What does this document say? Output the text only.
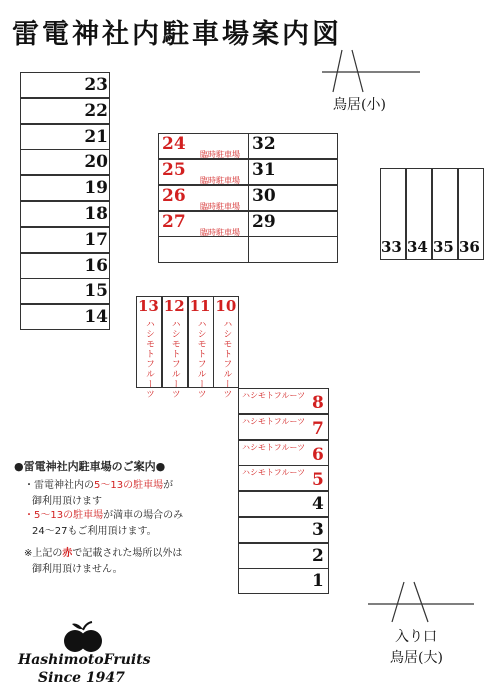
雷電神社内駐車場案内図
鳥居(小)
入り口
鳥居(大)
23
22
21
20
19
18
17
16
15
14
24
臨時駐車場
25
臨時駐車場
26
臨時駐車場
27
臨時駐車場
32
31
30
29
33 34 35 36
13
ハシモトフルーツ
12
ハシモトフルーツ
11
ハシモトフルーツ
10
ハシモトフルーツ ハシモトフルーツ 8
ハシモトフルーツ 7
ハシモトフルーツ 6
ハシモトフルーツ 5
4
3
2
1
●雷電神社内駐車場のご案内●
・雷電神社内の5～13の駐車場が
御利用頂けます
・5～13の駐車場が満車の場合のみ
24～27もご利用頂けます。
※上記の赤で記載された場所以外は
御利用頂けません。
HashimotoFruits
Since 1947
